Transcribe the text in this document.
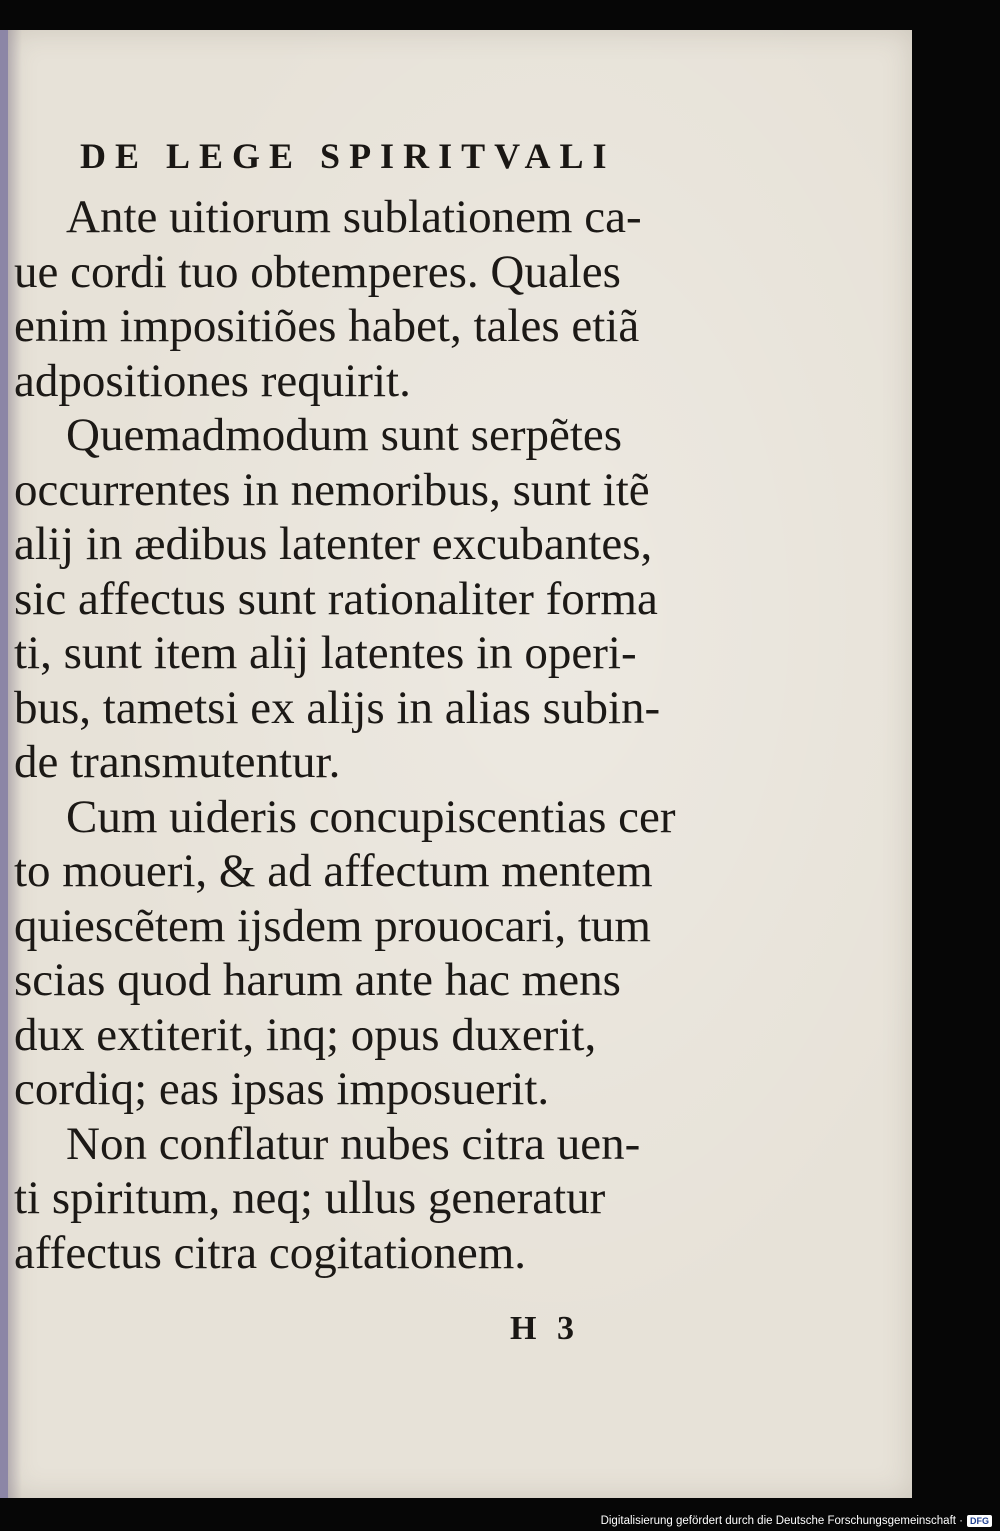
DE LEGE SPIRITVALI
Ante uitiorum sublationem ca-
ue cordi tuo obtemperes. Quales
enim impositiões habet, tales etiã
adpositiones requirit.
Quemadmodum sunt serpẽtes
occurrentes in nemoribus, sunt itẽ
alij in ædibus latenter excubantes,
sic affectus sunt rationaliter forma
ti, sunt item alij latentes in operi-
bus, tametsi ex alijs in alias subin-
de transmutentur.
Cum uideris concupiscentias cer
to moueri, & ad affectum mentem
quiescẽtem ijsdem prouocari, tum
scias quod harum ante hac mens
dux extiterit, inq; opus duxerit,
cordiq; eas ipsas imposuerit.
Non conflatur nubes citra uen-
ti spiritum, neq; ullus generatur
affectus citra cogitationem.
H 3
Digitalisierung gefördert durch die Deutsche Forschungsgemeinschaft · DFG
